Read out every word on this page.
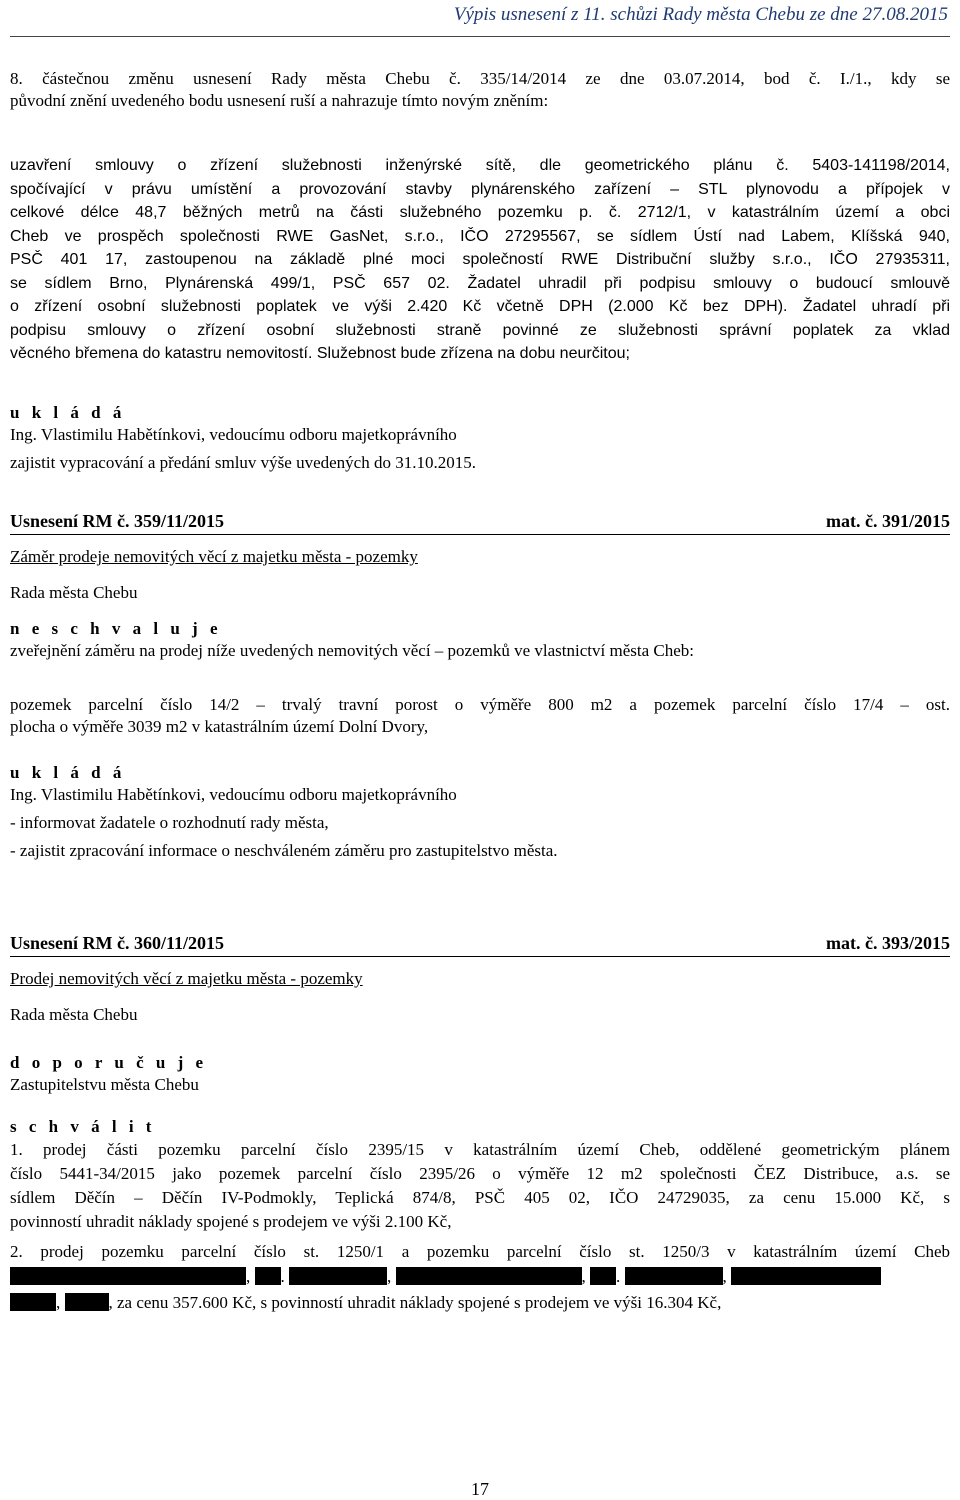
Výpis usnesení z 11. schůzi Rady města Chebu ze dne 27.08.2015
8. částečnou změnu usnesení Rady města Chebu č. 335/14/2014 ze dne 03.07.2014, bod č. I./1., kdy se
původní znění uvedeného bodu usnesení ruší a nahrazuje tímto novým zněním:
uzavření smlouvy o zřízení služebnosti inženýrské sítě, dle geometrického plánu č. 5403-141198/2014,
spočívající v právu umístění a provozování stavby plynárenského zařízení – STL plynovodu a přípojek v
celkové délce 48,7 běžných metrů na části služebného pozemku p. č. 2712/1, v katastrálním území a obci
Cheb ve prospěch společnosti RWE GasNet, s.r.o., IČO 27295567, se sídlem Ústí nad Labem, Klíšská 940,
PSČ 401 17, zastoupenou na základě plné moci společností RWE Distribuční služby s.r.o., IČO 27935311,
se sídlem Brno, Plynárenská 499/1, PSČ 657 02. Žadatel uhradil při podpisu smlouvy o budoucí smlouvě
o zřízení osobní služebnosti poplatek ve výši 2.420 Kč včetně DPH (2.000 Kč bez DPH). Žadatel uhradí při
podpisu smlouvy o zřízení osobní služebnosti straně povinné ze služebnosti správní poplatek za vklad
věcného břemena do katastru nemovitostí. Služebnost bude zřízena na dobu neurčitou;
u k l á d á
Ing. Vlastimilu Habětínkovi, vedoucímu odboru majetkoprávního
zajistit vypracování a předání smluv výše uvedených do 31.10.2015.
Usnesení RM č. 359/11/2015	mat. č. 391/2015
Záměr prodeje nemovitých věcí z majetku města - pozemky
Rada města Chebu
n e s c h v a l u j e
zveřejnění záměru na prodej níže uvedených nemovitých věcí – pozemků ve vlastnictví města Cheb:
pozemek parcelní číslo 14/2 – trvalý travní porost o výměře 800 m2 a pozemek parcelní číslo 17/4 – ost.
plocha o výměře 3039 m2 v katastrálním území Dolní Dvory,
u k l á d á
Ing. Vlastimilu Habětínkovi, vedoucímu odboru majetkoprávního
- informovat žadatele o rozhodnutí rady města,
- zajistit zpracování informace o neschváleném záměru pro zastupitelstvo města.
Usnesení RM č. 360/11/2015	mat. č. 393/2015
Prodej nemovitých věcí z majetku města - pozemky
Rada města Chebu
d o p o r u č u j e
Zastupitelstvu města Chebu
s c h v á l i t
1. prodej části pozemku parcelní číslo 2395/15 v katastrálním území Cheb, oddělené geometrickým plánem
číslo 5441-34/2015 jako pozemek parcelní číslo 2395/26 o výměře 12 m2 společnosti ČEZ Distribuce, a.s. se
sídlem Děčín – Děčín IV-Podmokly, Teplická 874/8, PSČ 405 02, IČO 24729035, za cenu 15.000 Kč, s
povinností uhradit náklady spojené s prodejem ve výši 2.100 Kč,
2. prodej pozemku parcelní číslo st. 1250/1 a pozemku parcelní číslo st. 1250/3 v katastrálním území Cheb
, .	,	, .	,
,	, za cenu 357.600 Kč, s povinností uhradit náklady spojené s prodejem ve výši 16.304 Kč,
17
